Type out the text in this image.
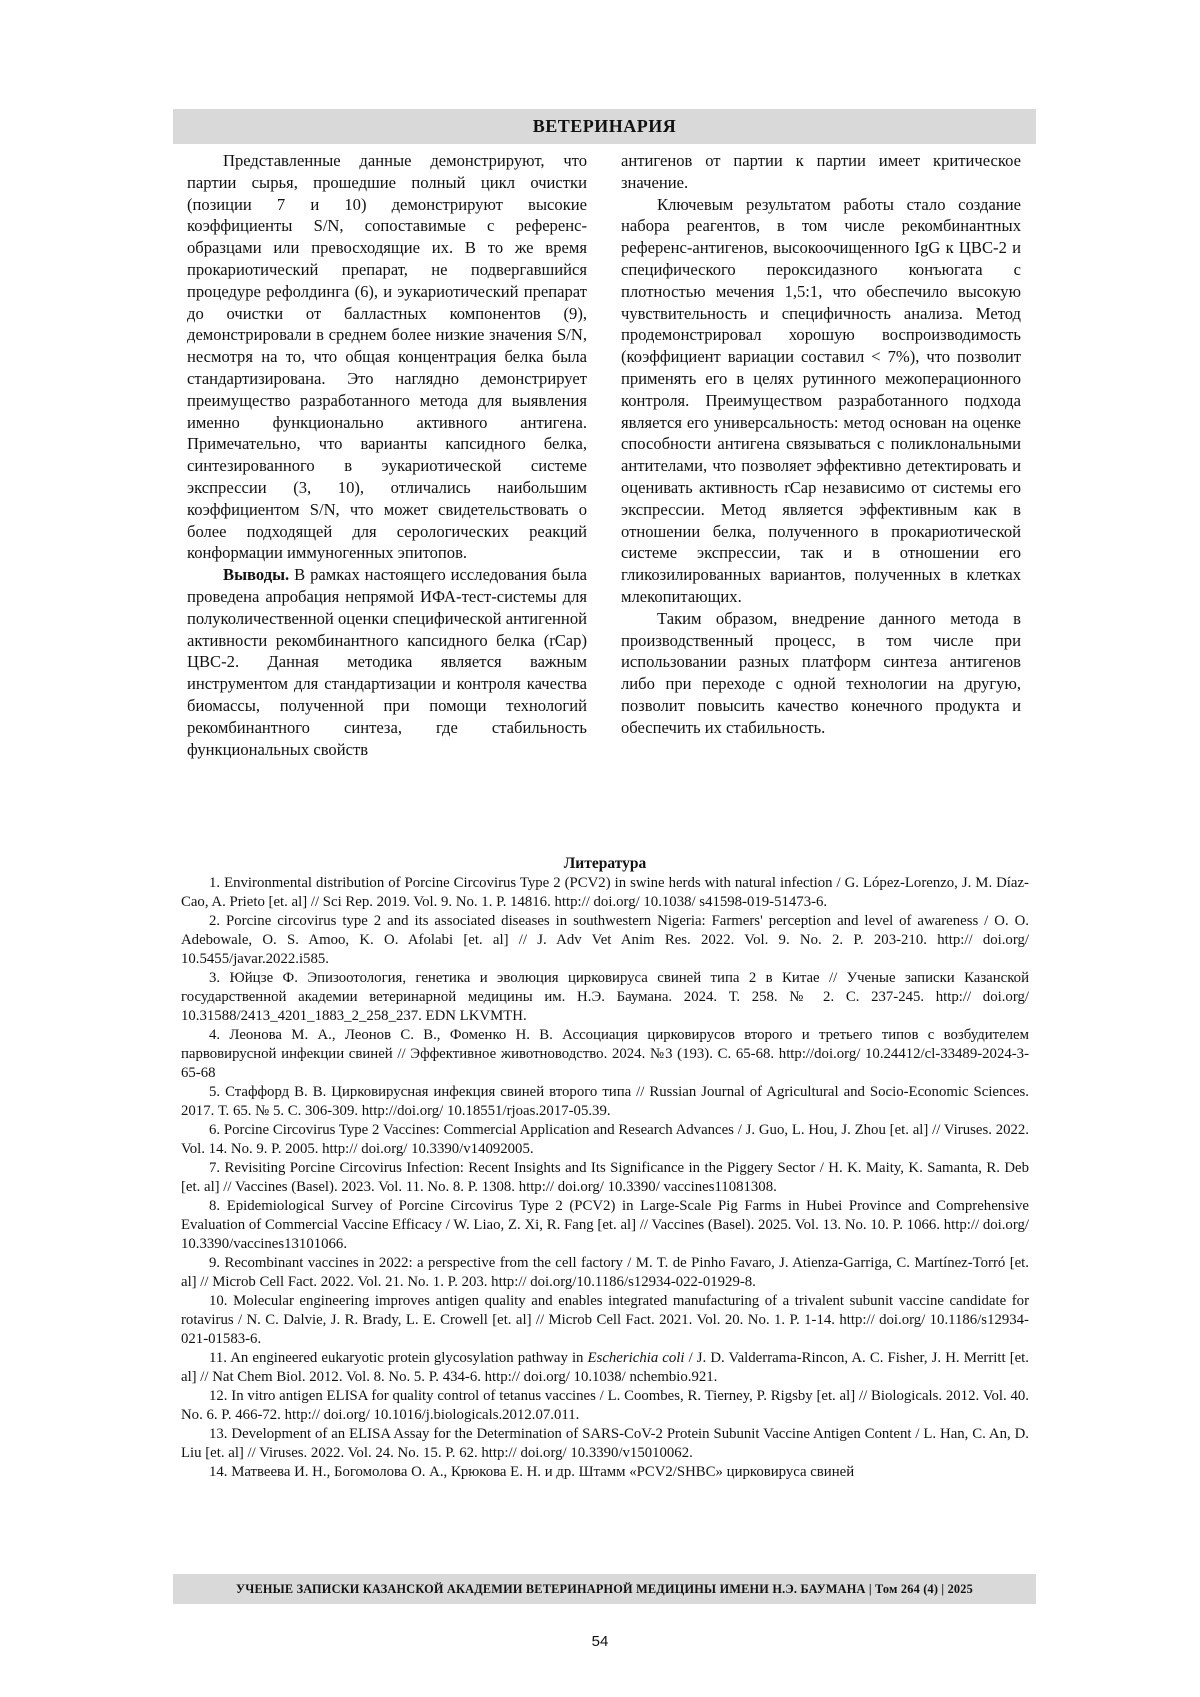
ВЕТЕРИНАРИЯ

Представленные данные демонстрируют, что партии сырья, прошедшие полный цикл очистки (позиции 7 и 10) демонстрируют высокие коэффициенты S/N, сопоставимые с референс-образцами или превосходящие их. В то же время прокариотический препарат, не подвергавшийся процедуре рефолдинга (6), и эукариотический препарат до очистки от балластных компонентов (9), демонстрировали в среднем более низкие значения S/N, несмотря на то, что общая концентрация белка была стандартизирована. Это наглядно демонстрирует преимущество разработанного метода для выявления именно функционально активного антигена. Примечательно, что варианты капсидного белка, синтезированного в эукариотической системе экспрессии (3, 10), отличались наибольшим коэффициентом S/N, что может свидетельствовать о более подходящей для серологических реакций конформации иммуногенных эпитопов.

Выводы. В рамках настоящего исследования была проведена апробация непрямой ИФА-тест-системы для полуколичественной оценки специфической антигенной активности рекомбинантного капсидного белка (rCap) ЦВС-2. Данная методика является важным инструментом для стандартизации и контроля качества биомассы, полученной при помощи технологий рекомбинантного синтеза, где стабильность функциональных свойств

антигенов от партии к партии имеет критическое значение.

Ключевым результатом работы стало создание набора реагентов, в том числе рекомбинантных референс-антигенов, высокоочищенного IgG к ЦВС-2 и специфического пероксидазного конъюгата с плотностью мечения 1,5:1, что обеспечило высокую чувствительность и специфичность анализа. Метод продемонстрировал хорошую воспроизводимость (коэффициент вариации составил < 7%), что позволит применять его в целях рутинного межоперационного контроля. Преимуществом разработанного подхода является его универсальность: метод основан на оценке способности антигена связываться с поликлональными антителами, что позволяет эффективно детектировать и оценивать активность rCap независимо от системы его экспрессии. Метод является эффективным как в отношении белка, полученного в прокариотической системе экспрессии, так и в отношении его гликозилированных вариантов, полученных в клетках млекопитающих.

Таким образом, внедрение данного метода в производственный процесс, в том числе при использовании разных платформ синтеза антигенов либо при переходе с одной технологии на другую, позволит повысить качество конечного продукта и обеспечить их стабильность.

Литература

1. Environmental distribution of Porcine Circovirus Type 2 (PCV2) in swine herds with natural infection / G. López-Lorenzo, J. M. Díaz-Cao, A. Prieto [et. al] // Sci Rep. 2019. Vol. 9. No. 1. P. 14816. http:// doi.org/ 10.1038/ s41598-019-51473-6.

2. Porcine circovirus type 2 and its associated diseases in southwestern Nigeria: Farmers' perception and level of awareness / O. O. Adebowale, O. S. Amoo, K. O. Afolabi [et. al] // J. Adv Vet Anim Res. 2022. Vol. 9. No. 2. P. 203-210. http:// doi.org/ 10.5455/javar.2022.i585.

3. Юйцзе Ф. Эпизоотология, генетика и эволюция цирковируса свиней типа 2 в Китае // Ученые записки Казанской государственной академии ветеринарной медицины им. Н.Э. Баумана. 2024. Т. 258. № 2. С. 237-245. http:// doi.org/ 10.31588/2413_4201_1883_2_258_237. EDN LKVMTH.

4. Леонова М. А., Леонов С. В., Фоменко Н. В. Ассоциация цирковирусов второго и третьего типов с возбудителем парвовирусной инфекции свиней // Эффективное животноводство. 2024. №3 (193). С. 65-68. http://doi.org/ 10.24412/cl-33489-2024-3-65-68

5. Стаффорд В. В. Цирковирусная инфекция свиней второго типа // Russian Journal of Agricultural and Socio-Economic Sciences. 2017. Т. 65. № 5. С. 306-309. http://doi.org/ 10.18551/rjoas.2017-05.39.

6. Porcine Circovirus Type 2 Vaccines: Commercial Application and Research Advances / J. Guo, L. Hou, J. Zhou [et. al] // Viruses. 2022. Vol. 14. No. 9. P. 2005. http:// doi.org/ 10.3390/v14092005.

7. Revisiting Porcine Circovirus Infection: Recent Insights and Its Significance in the Piggery Sector / H. K. Maity, K. Samanta, R. Deb [et. al] // Vaccines (Basel). 2023. Vol. 11. No. 8. P. 1308. http:// doi.org/ 10.3390/ vaccines11081308.

8. Epidemiological Survey of Porcine Circovirus Type 2 (PCV2) in Large-Scale Pig Farms in Hubei Province and Comprehensive Evaluation of Commercial Vaccine Efficacy / W. Liao, Z. Xi, R. Fang [et. al] // Vaccines (Basel). 2025. Vol. 13. No. 10. P. 1066. http:// doi.org/ 10.3390/vaccines13101066.

9. Recombinant vaccines in 2022: a perspective from the cell factory / M. T. de Pinho Favaro, J. Atienza-Garriga, C. Martínez-Torró [et. al] // Microb Cell Fact. 2022. Vol. 21. No. 1. P. 203. http:// doi.org/10.1186/s12934-022-01929-8.

10. Molecular engineering improves antigen quality and enables integrated manufacturing of a trivalent subunit vaccine candidate for rotavirus / N. C. Dalvie, J. R. Brady, L. E. Crowell [et. al] // Microb Cell Fact. 2021. Vol. 20. No. 1. P. 1-14. http:// doi.org/ 10.1186/s12934-021-01583-6.

11. An engineered eukaryotic protein glycosylation pathway in Escherichia coli / J. D. Valderrama-Rincon, A. C. Fisher, J. H. Merritt [et. al] // Nat Chem Biol. 2012. Vol. 8. No. 5. P. 434-6. http:// doi.org/ 10.1038/ nchembio.921.

12. In vitro antigen ELISA for quality control of tetanus vaccines / L. Coombes, R. Tierney, P. Rigsby [et. al] // Biologicals. 2012. Vol. 40. No. 6. P. 466-72. http:// doi.org/ 10.1016/j.biologicals.2012.07.011.

13. Development of an ELISA Assay for the Determination of SARS-CoV-2 Protein Subunit Vaccine Antigen Content / L. Han, C. An, D. Liu [et. al] // Viruses. 2022. Vol. 24. No. 15. P. 62. http:// doi.org/ 10.3390/v15010062.

14. Матвеева И. Н., Богомолова О. А., Крюкова Е. Н. и др. Штамм «PCV2/SHBC» цирковируса свиней

УЧЕНЫЕ ЗАПИСКИ КАЗАНСКОЙ АКАДЕМИИ ВЕТЕРИНАРНОЙ МЕДИЦИНЫ ИМЕНИ Н.Э. БАУМАНА | Том 264 (4) | 2025
54
